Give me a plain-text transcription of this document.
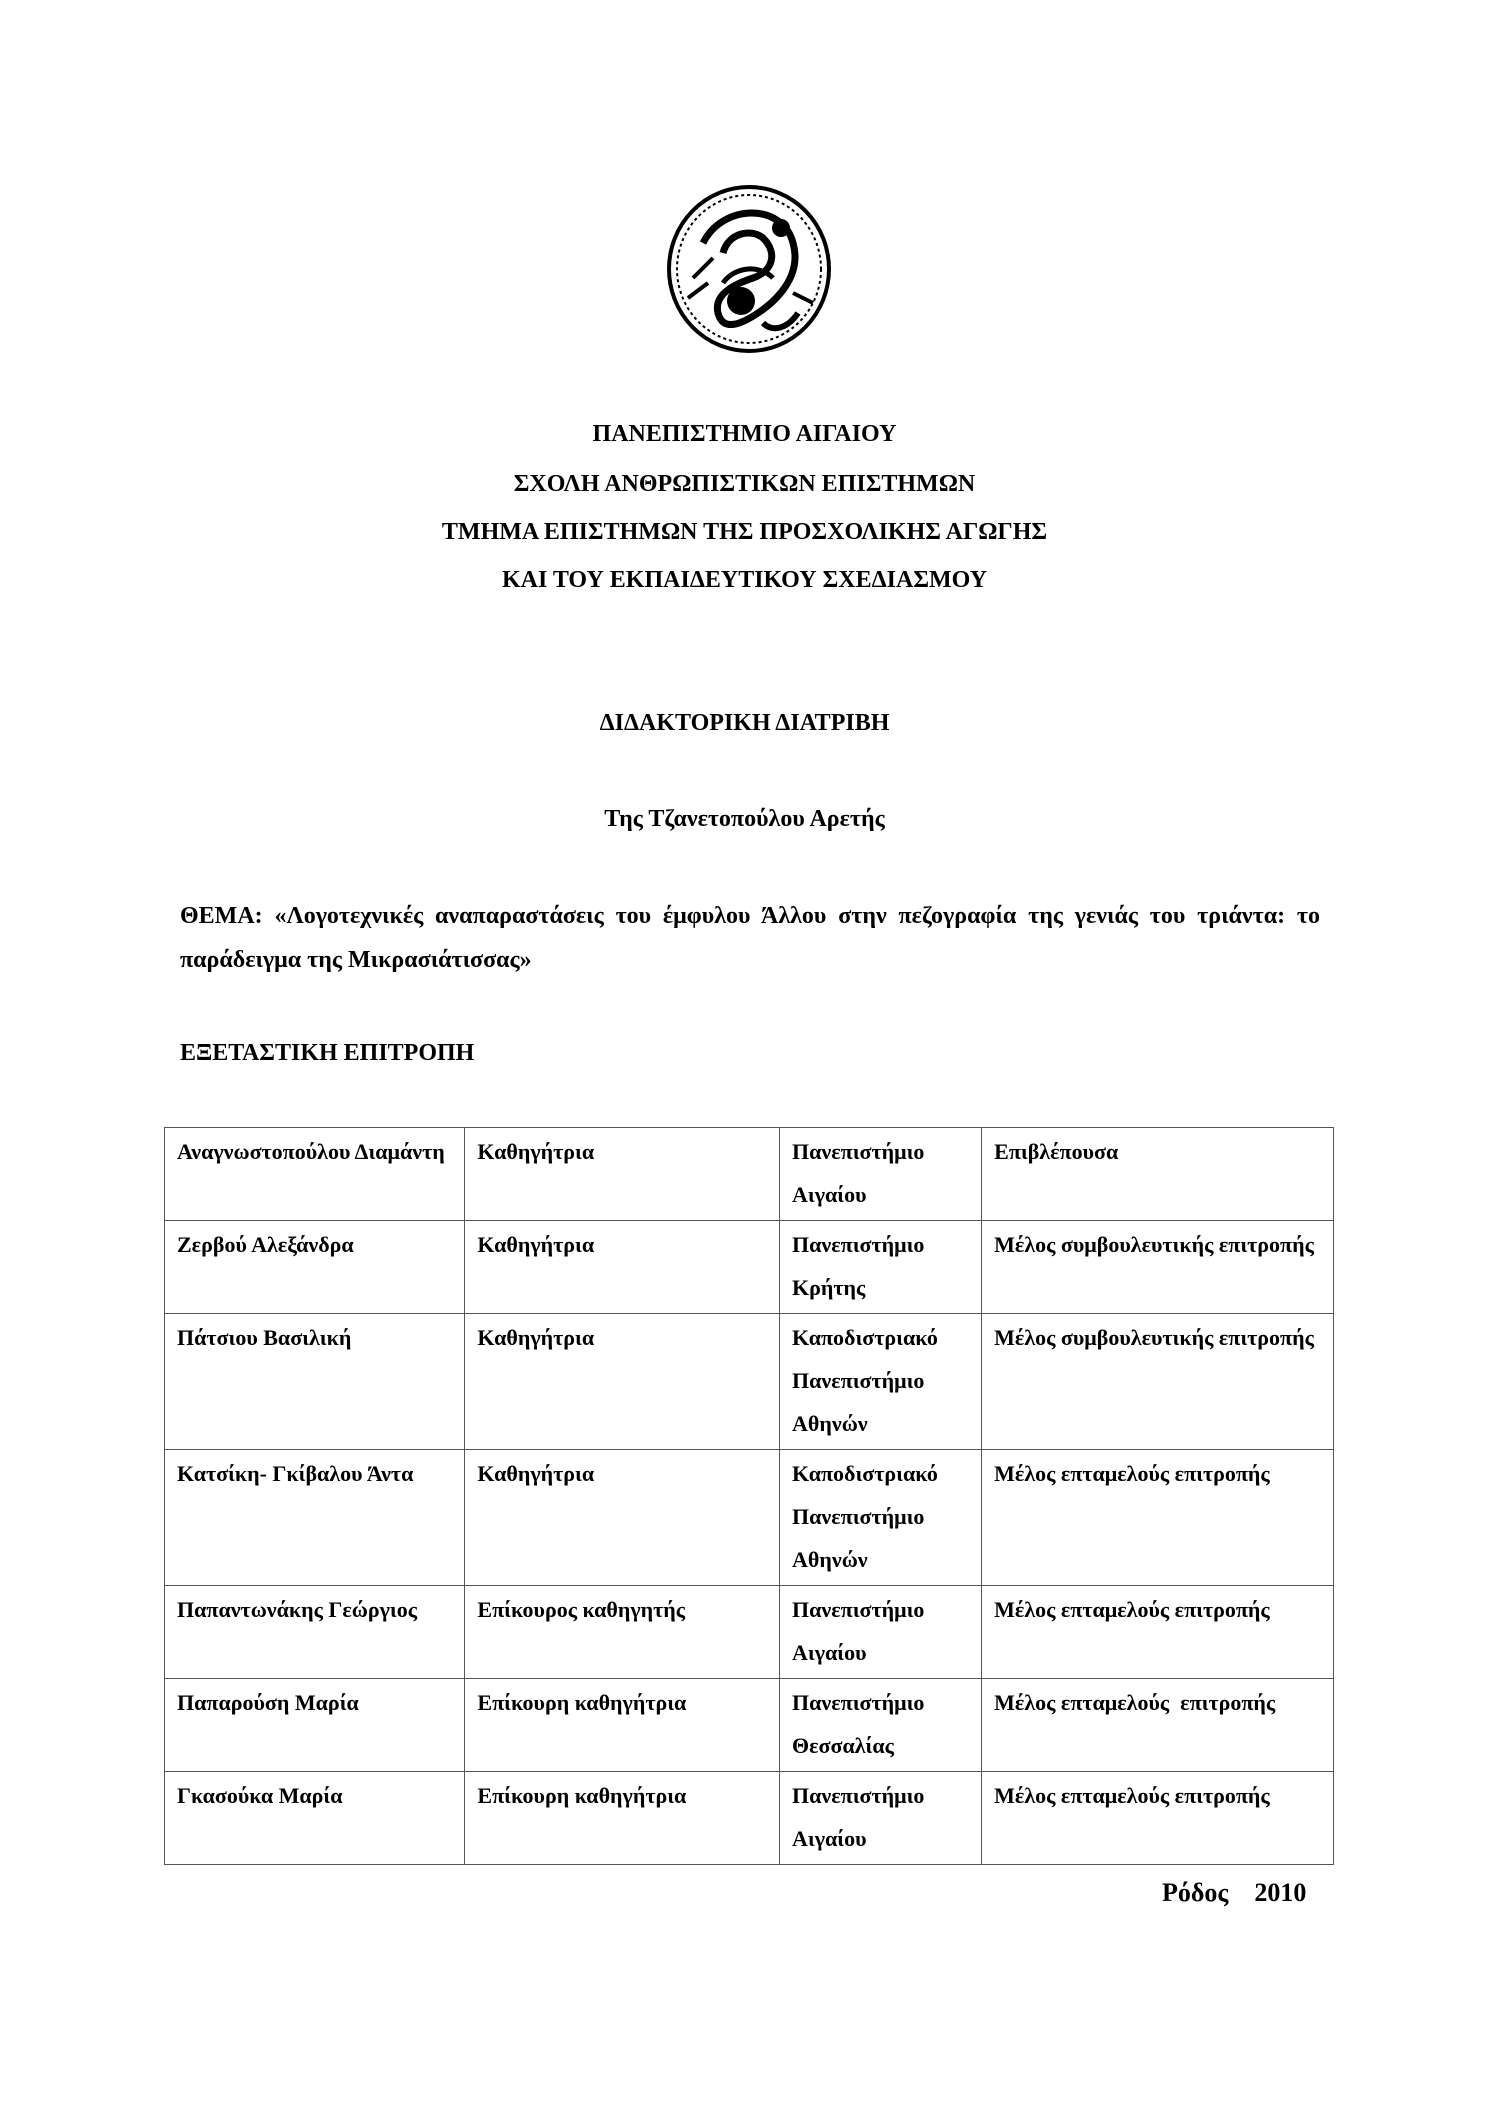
ΠΑΝΕΠΙΣΤΗΜΙΟ ΑΙΓΑΙΟΥ
ΣΧΟΛΗ ΑΝΘΡΩΠΙΣΤΙΚΩΝ ΕΠΙΣΤΗΜΩΝ
ΤΜΗΜΑ ΕΠΙΣΤΗΜΩΝ ΤΗΣ ΠΡΟΣΧΟΛΙΚΗΣ ΑΓΩΓΗΣ
ΚΑΙ ΤΟΥ ΕΚΠΑΙΔΕΥΤΙΚΟΥ ΣΧΕΔΙΑΣΜΟΥ
ΔΙΔΑΚΤΟΡΙΚΗ ΔΙΑΤΡΙΒΗ
Της Τζανετοπούλου Αρετής
ΘΕΜΑ: «Λογοτεχνικές αναπαραστάσεις του έμφυλου Άλλου στην πεζογραφία της γενιάς του τριάντα: το παράδειγμα της Μικρασιάτισσας»
ΕΞΕΤΑΣΤΙΚΗ ΕΠΙΤΡΟΠΗ
Αναγνωστοπούλου Διαμάντη	Καθηγήτρια	Πανεπιστήμιο Αιγαίου	Επιβλέπουσα
Ζερβού Αλεξάνδρα	Καθηγήτρια	Πανεπιστήμιο Κρήτης	Μέλος συμβουλευτικής επιτροπής
Πάτσιου Βασιλική	Καθηγήτρια	Καποδιστριακό Πανεπιστήμιο Αθηνών	Μέλος συμβουλευτικής επιτροπής
Κατσίκη- Γκίβαλου Άντα	Καθηγήτρια	Καποδιστριακό Πανεπιστήμιο Αθηνών	Μέλος επταμελούς επιτροπής
Παπαντωνάκης Γεώργιος	Επίκουρος καθηγητής	Πανεπιστήμιο Αιγαίου	Μέλος επταμελούς επιτροπής
Παπαρούση Μαρία	Επίκουρη καθηγήτρια	Πανεπιστήμιο Θεσσαλίας	Μέλος επταμελούς  επιτροπής
Γκασούκα Μαρία	Επίκουρη καθηγήτρια	Πανεπιστήμιο Αιγαίου	Μέλος επταμελούς επιτροπής
Ρόδος 2010
